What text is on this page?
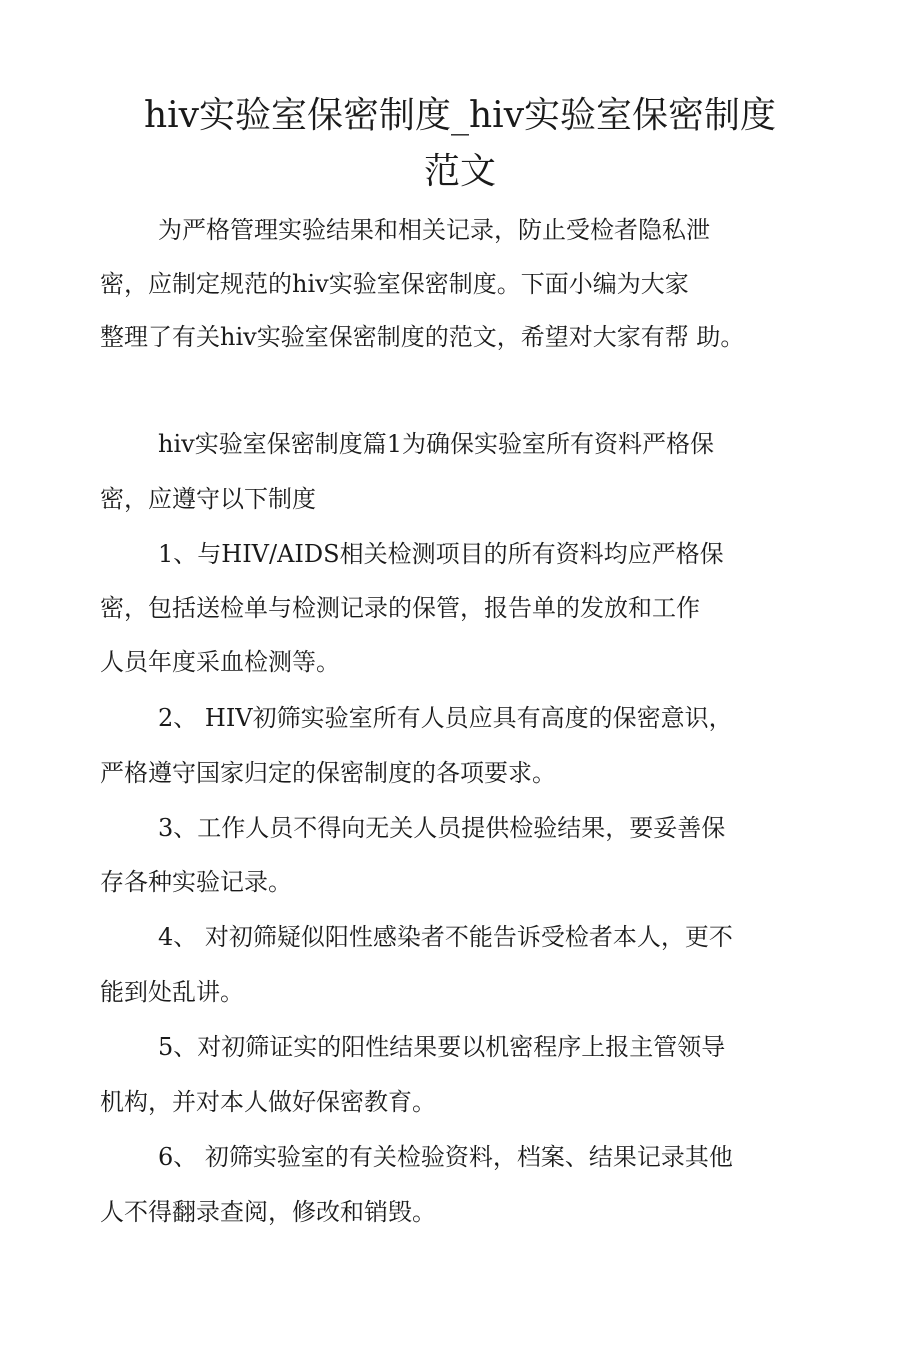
hiv实验室保密制度_hiv实验室保密制度
范文

为严格管理实验结果和相关记录，防止受检者隐私泄

密，应制定规范的hiv实验室保密制度。下面小编为大家

整理了有关hiv实验室保密制度的范文，希望对大家有帮 助。

hiv实验室保密制度篇1为确保实验室所有资料严格保

密，应遵守以下制度

1、与HIV/AIDS相关检测项目的所有资料均应严格保

密，包括送检单与检测记录的保管，报告单的发放和工作

人员年度采血检测等。

2、 HIV初筛实验室所有人员应具有高度的保密意识，

严格遵守国家归定的保密制度的各项要求。

3、工作人员不得向无关人员提供检验结果，要妥善保

存各种实验记录。

4、 对初筛疑似阳性感染者不能告诉受检者本人，更不

能到处乱讲。

5、对初筛证实的阳性结果要以机密程序上报主管领导

机构，并对本人做好保密教育。

6、 初筛实验室的有关检验资料，档案、结果记录其他

人不得翻录查阅，修改和销毁。
